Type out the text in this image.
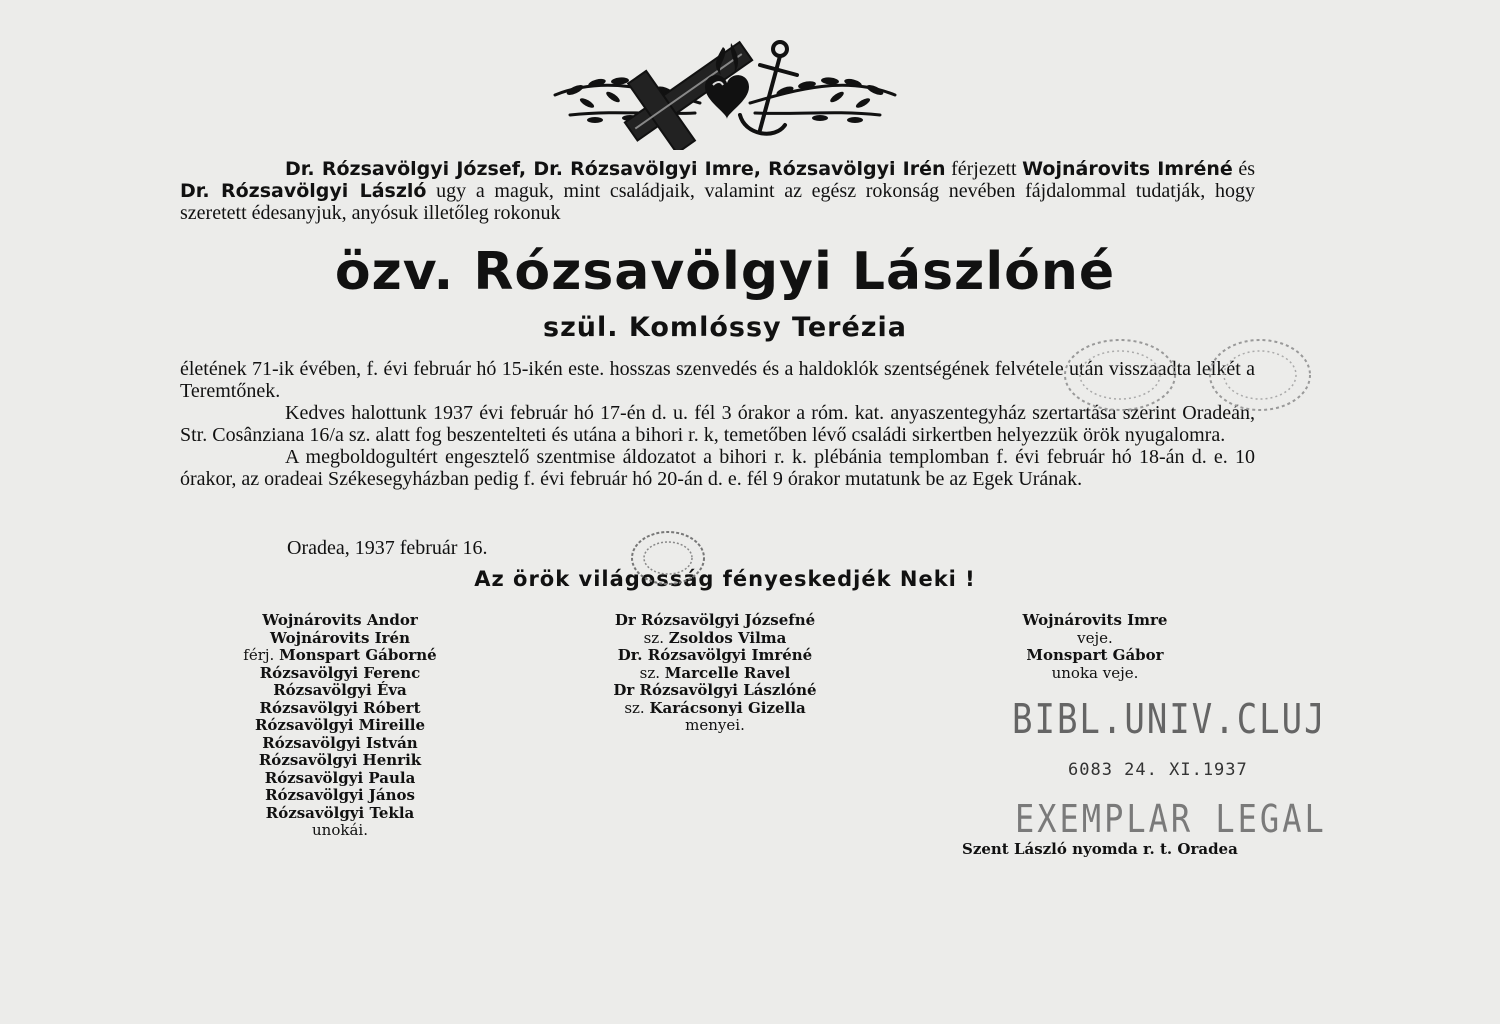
Dr. Rózsavölgyi József, Dr. Rózsavölgyi Imre, Rózsavölgyi Irén férjezett Wojnárovits Imréné és Dr. Rózsavölgyi László ugy a maguk, mint családjaik, valamint az egész rokonság nevében fájdalommal tudatják, hogy szeretett édesanyjuk, anyósuk illetőleg rokonuk
özv. Rózsavölgyi Lászlóné
szül. Komlóssy Terézia

életének 71-ik évében, f. évi február hó 15-ikén este. hosszas szenvedés és a haldoklók szentségének felvétele után visszaadta lelkét a Teremtőnek.

Kedves halottunk 1937 évi február hó 17-én d. u. fél 3 órakor a róm. kat. anyaszentegyház szertartása szerint Oradeán, Str. Cosânziana 16/a sz. alatt fog beszentelteti és utána a bihori r. k, temetőben lévő családi sirkertben helyezzük örök nyugalomra.

A megboldogultért engesztelő szentmise áldozatot a bihori r. k. plébánia templomban f. évi február hó 18-án d. e. 10 órakor, az oradeai Székesegyházban pedig f. évi február hó 20-án d. e. fél 9 órakor mutatunk be az Egek Urának.

Oradea, 1937 február 16.
Az örök világosság fényeskedjék Neki !
Wojnárovits Andor
Wojnárovits Irén
férj. Monspart Gáborné
Rózsavölgyi Ferenc
Rózsavölgyi Éva
Rózsavölgyi Róbert
Rózsavölgyi Mireille
Rózsavölgyi István
Rózsavölgyi Henrik
Rózsavölgyi Paula
Rózsavölgyi János
Rózsavölgyi Tekla
unokái.
Dr Rózsavölgyi Józsefné
sz. Zsoldos Vilma
Dr. Rózsavölgyi Imréné
sz. Marcelle Ravel
Dr Rózsavölgyi Lászlóné
sz. Karácsonyi Gizella
menyei.
Wojnárovits Imre
veje.
Monspart Gábor
unoka veje.
BIBL.UNIV.CLUJ
6083 24. XI.1937
EXEMPLAR LEGAL
Szent László nyomda r. t. Oradea
